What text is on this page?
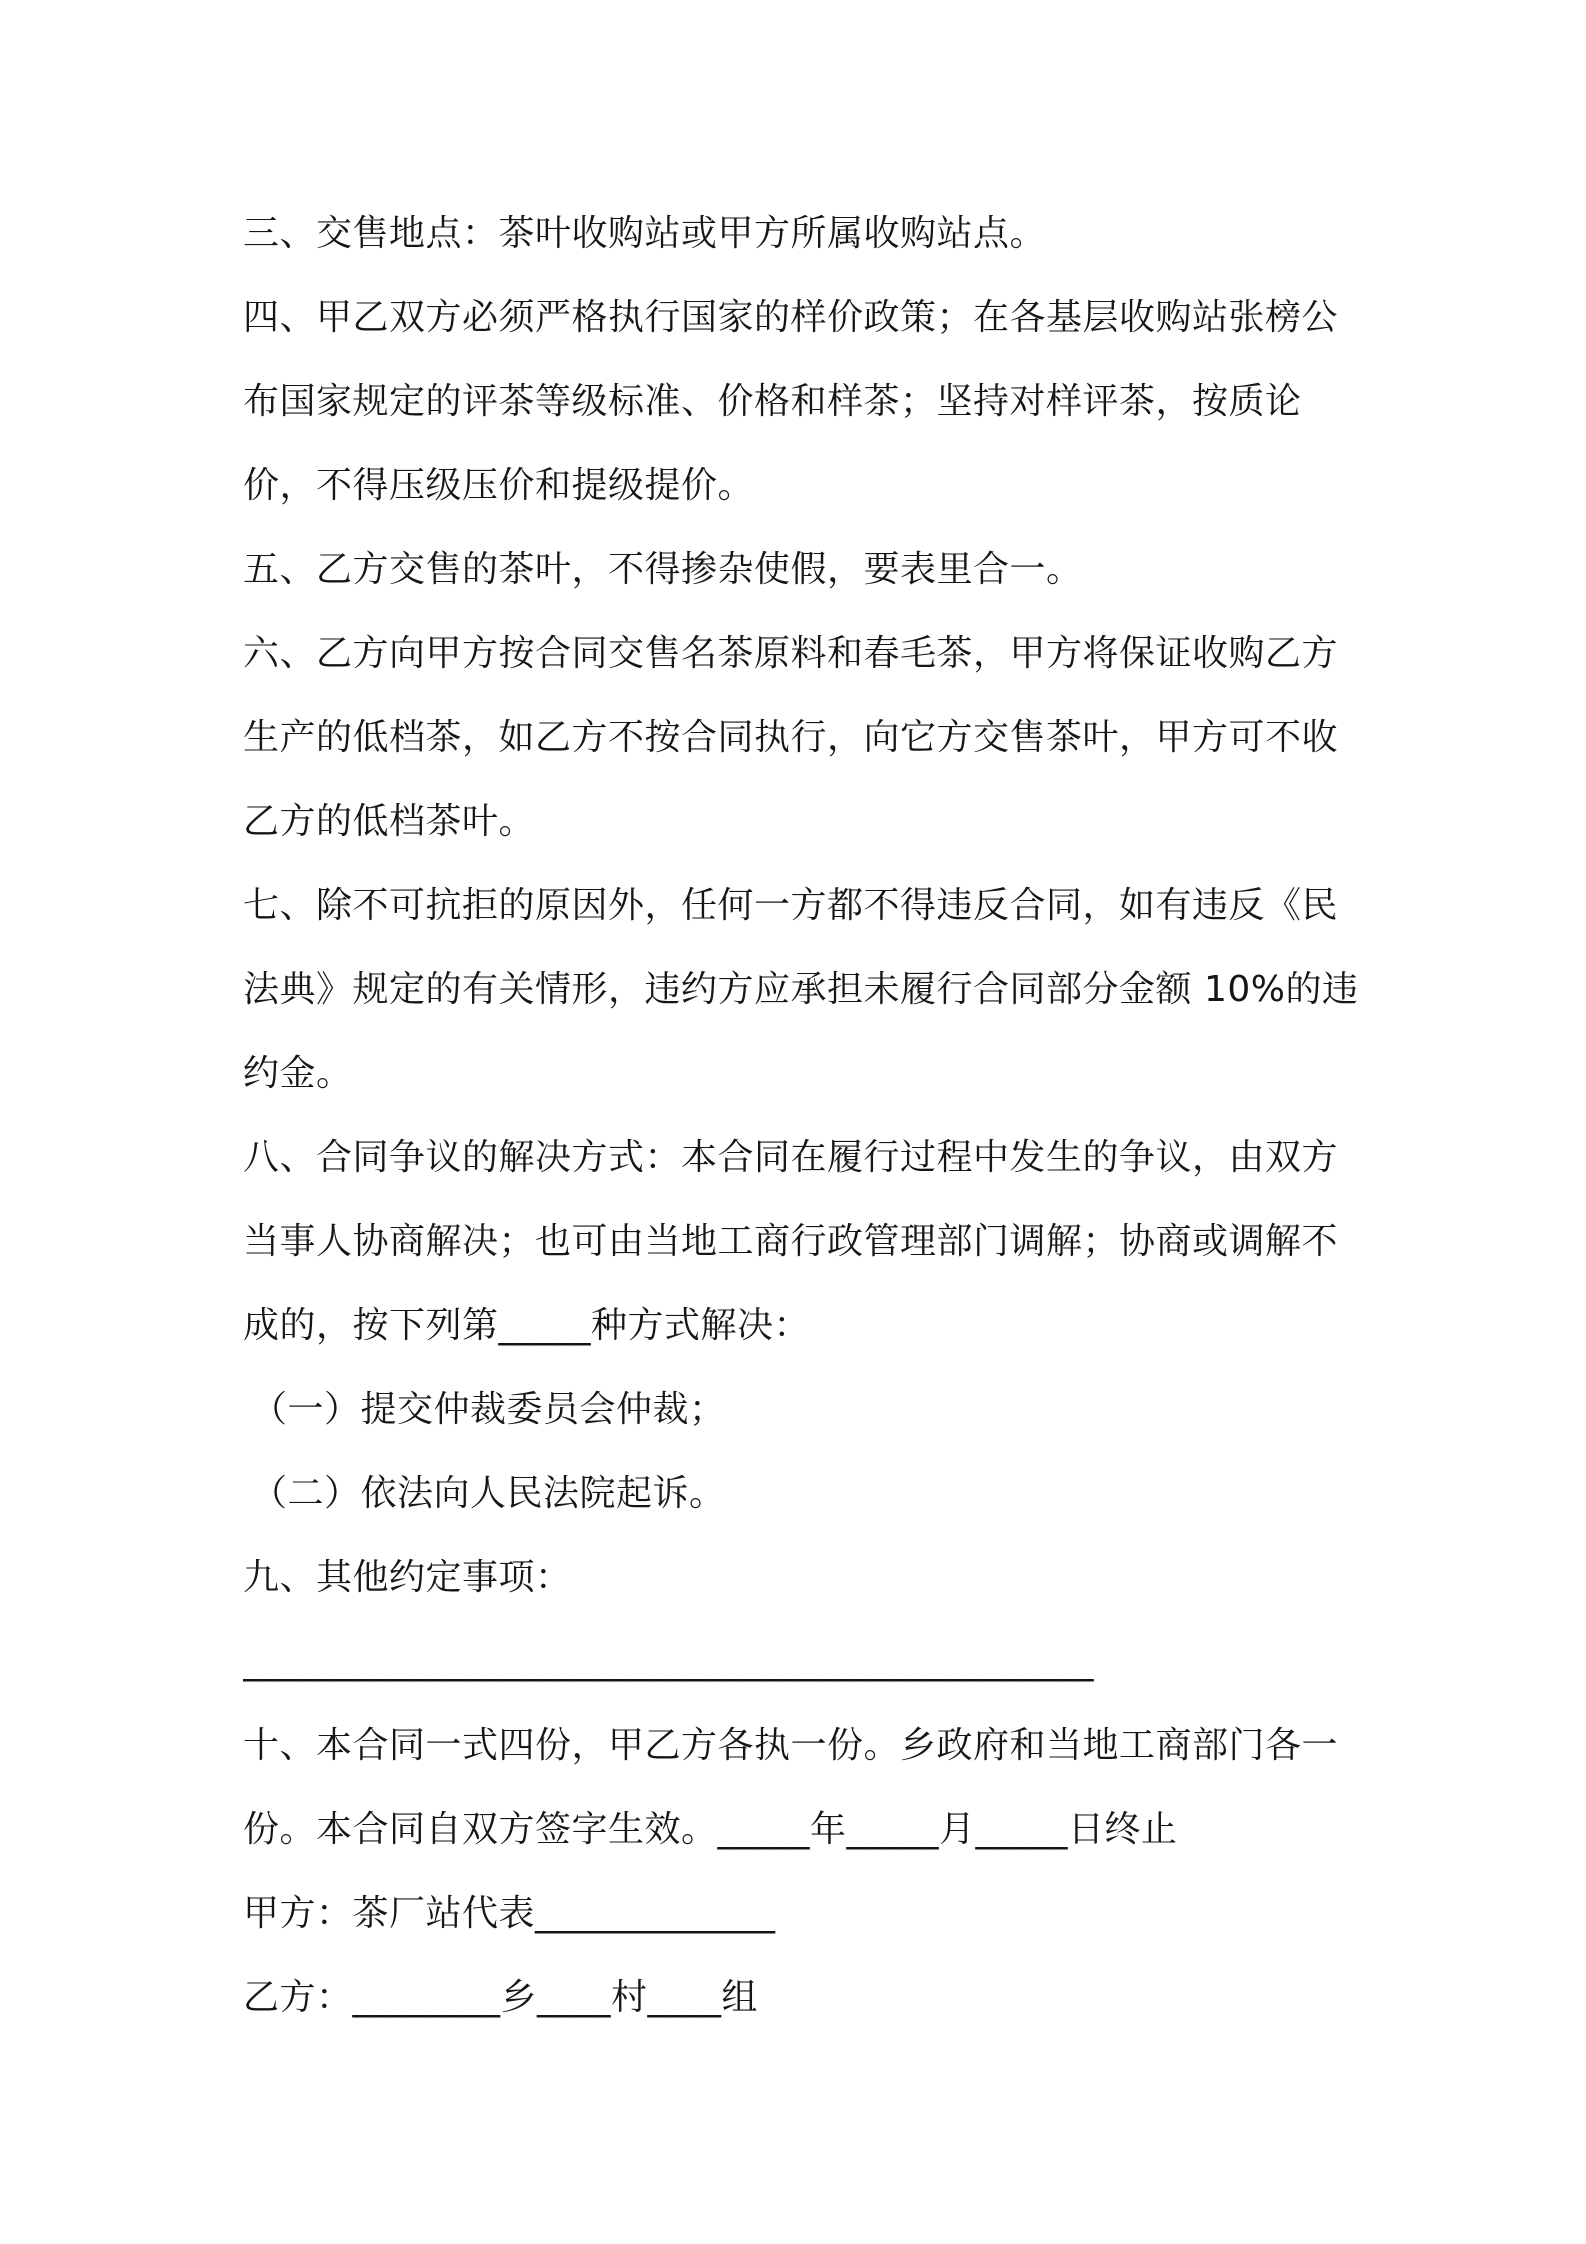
三、交售地点：茶叶收购站或甲方所属收购站点。

四、甲乙双方必须严格执行国家的样价政策；在各基层收购站张榜公布国家规定的评茶等级标准、价格和样茶；坚持对样评茶，按质论价，不得压级压价和提级提价。

五、乙方交售的茶叶，不得掺杂使假，要表里合一。

六、乙方向甲方按合同交售名茶原料和春毛茶，甲方将保证收购乙方生产的低档茶，如乙方不按合同执行，向它方交售茶叶，甲方可不收乙方的低档茶叶。

七、除不可抗拒的原因外，任何一方都不得违反合同，如有违反《民法典》规定的有关情形，违约方应承担未履行合同部分金额 10%的违约金。

八、合同争议的解决方式：本合同在履行过程中发生的争议，由双方当事人协商解决；也可由当地工商行政管理部门调解；协商或调解不成的，按下列第_____种方式解决：

（一）提交仲裁委员会仲裁；

（二）依法向人民法院起诉。

九、其他约定事项：

______________________________________________

十、本合同一式四份，甲乙方各执一份。乡政府和当地工商部门各一份。本合同自双方签字生效。_____年_____月_____日终止

甲方：茶厂站代表_____________

乙方：________乡____村____组
